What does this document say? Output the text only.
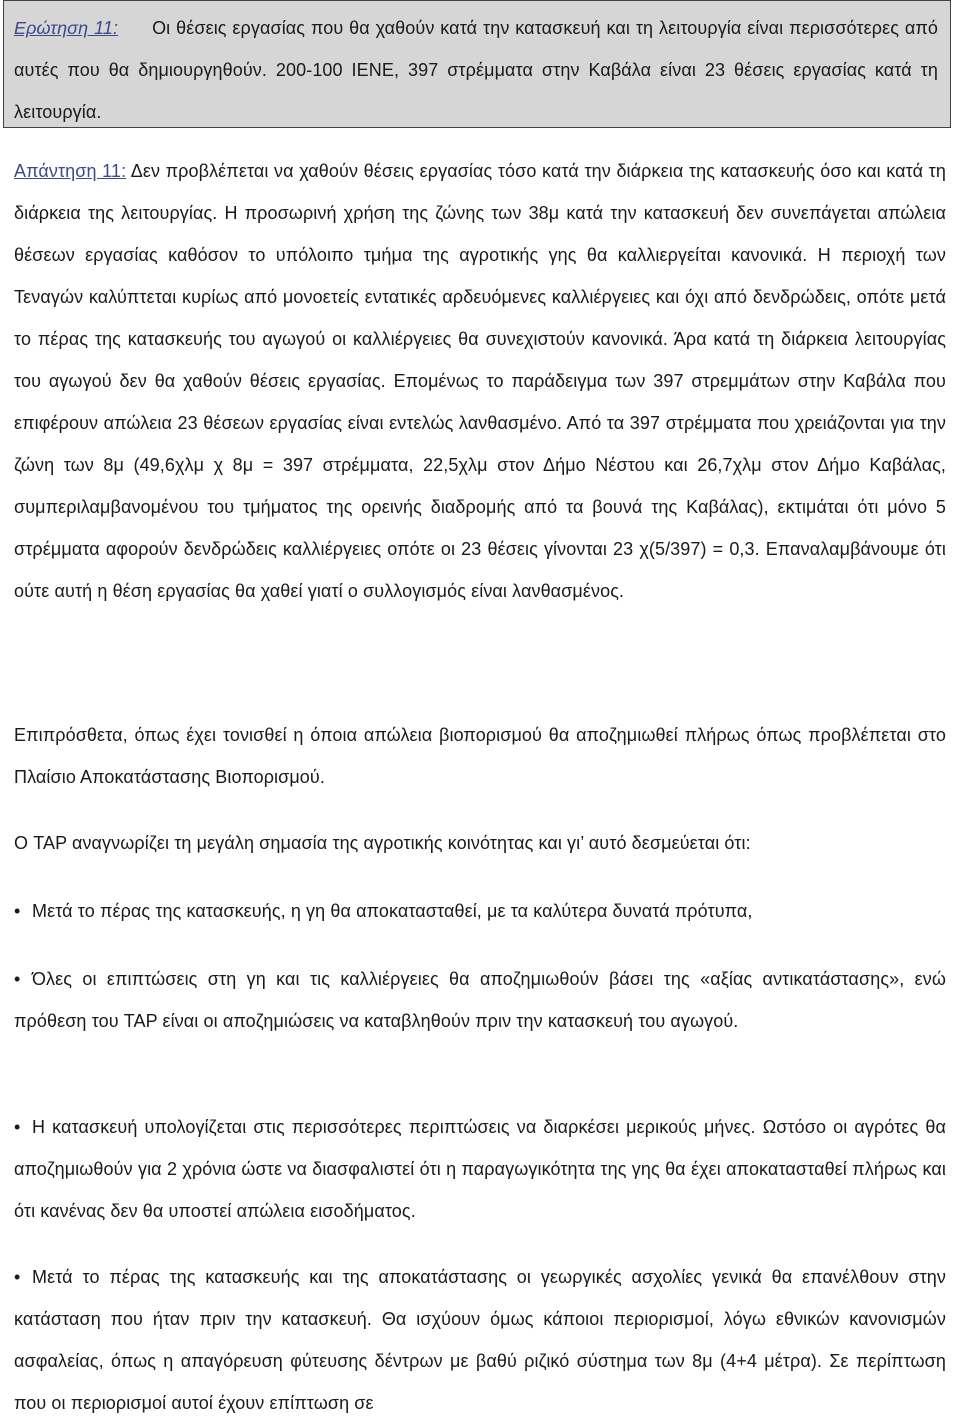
Ερώτηση 11: Οι θέσεις εργασίας που θα χαθούν κατά την κατασκευή και τη λειτουργία είναι περισσότερες από αυτές που θα δημιουργηθούν. 200-100 ΙΕΝΕ, 397 στρέμματα στην Καβάλα είναι 23 θέσεις εργασίας κατά τη λειτουργία.

Απάντηση 11: Δεν προβλέπεται να χαθούν θέσεις εργασίας τόσο κατά την διάρκεια της κατασκευής όσο και κατά τη διάρκεια της λειτουργίας. Η προσωρινή χρήση της ζώνης των 38μ κατά την κατασκευή δεν συνεπάγεται απώλεια θέσεων εργασίας καθόσον το υπόλοιπο τμήμα της αγροτικής γης θα καλλιεργείται κανονικά. Η περιοχή των Τεναγών καλύπτεται κυρίως από μονοετείς εντατικές αρδευόμενες καλλιέργειες και όχι από δενδρώδεις, οπότε μετά το πέρας της κατασκευής του αγωγού οι καλλιέργειες θα συνεχιστούν κανονικά. Άρα κατά τη διάρκεια λειτουργίας του αγωγού δεν θα χαθούν θέσεις εργασίας. Επομένως το παράδειγμα των 397 στρεμμάτων στην Καβάλα που επιφέρουν απώλεια 23 θέσεων εργασίας είναι εντελώς λανθασμένο. Από τα 397 στρέμματα που χρειάζονται για την ζώνη των 8μ (49,6χλμ χ 8μ = 397 στρέμματα, 22,5χλμ στον Δήμο Νέστου και 26,7χλμ στον Δήμο Καβάλας, συμπεριλαμβανομένου του τμήματος της ορεινής διαδρομής από τα βουνά της Καβάλας), εκτιμάται ότι μόνο 5 στρέμματα αφορούν δενδρώδεις καλλιέργειες οπότε οι 23 θέσεις γίνονται 23 χ(5/397) = 0,3. Επαναλαμβάνουμε ότι ούτε αυτή η θέση εργασίας θα χαθεί γιατί ο συλλογισμός είναι λανθασμένος.

Επιπρόσθετα, όπως έχει τονισθεί η όποια απώλεια βιοπορισμού θα αποζημιωθεί πλήρως όπως προβλέπεται στο Πλαίσιο Αποκατάστασης Βιοπορισμού.

Ο TAP αναγνωρίζει τη μεγάλη σημασία της αγροτικής κοινότητας και γι’ αυτό δεσμεύεται ότι:

• Μετά το πέρας της κατασκευής, η γη θα αποκατασταθεί, με τα καλύτερα δυνατά πρότυπα,

• Όλες οι επιπτώσεις στη γη και τις καλλιέργειες θα αποζημιωθούν βάσει της «αξίας αντικατάστασης», ενώ πρόθεση του TAP είναι οι αποζημιώσεις να καταβληθούν πριν την κατασκευή του αγωγού.

• Η κατασκευή υπολογίζεται στις περισσότερες περιπτώσεις να διαρκέσει μερικούς μήνες. Ωστόσο οι αγρότες θα αποζημιωθούν για 2 χρόνια ώστε να διασφαλιστεί ότι η παραγωγικότητα της γης θα έχει αποκατασταθεί πλήρως και ότι κανένας δεν θα υποστεί απώλεια εισοδήματος.

• Μετά το πέρας της κατασκευής και της αποκατάστασης οι γεωργικές ασχολίες γενικά θα επανέλθουν στην κατάσταση που ήταν πριν την κατασκευή. Θα ισχύουν όμως κάποιοι περιορισμοί, λόγω εθνικών κανονισμών ασφαλείας, όπως η απαγόρευση φύτευσης δέντρων με βαθύ ριζικό σύστημα των 8μ (4+4 μέτρα). Σε περίπτωση που οι περιορισμοί αυτοί έχουν επίπτωση σε
